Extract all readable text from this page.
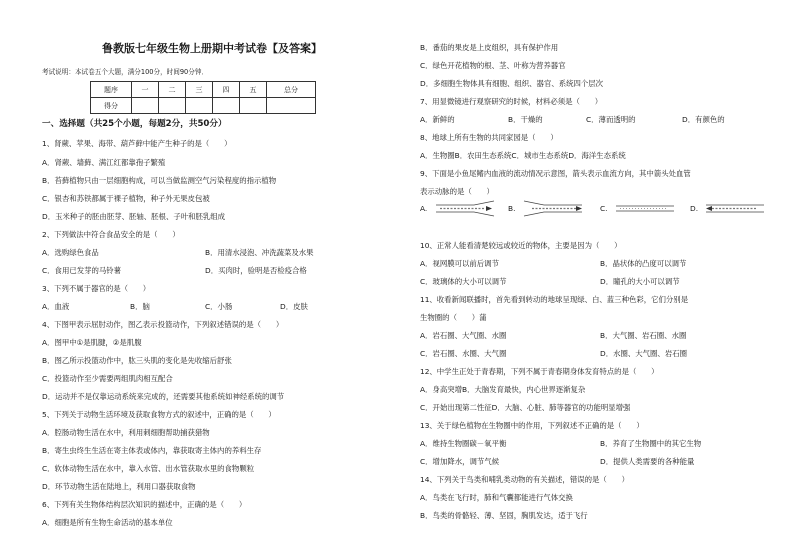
鲁教版七年级生物上册期中考试卷【及答案】
考试说明：本试卷五个大题，满分100分，时间90分钟．
题序	一	二	三	四	五	总分
得分						
一、选择题（共25个小题，每题2分，共50分）
1、肾蕨、苹果、海带、葫芦藓中能产生种子的是（　　）
A．肾蕨、墙藓、满江红都靠孢子繁殖
B．苔藓植物只由一层细胞构成，可以当做监测空气污染程度的指示植物
C．银杏和苏铁都属于裸子植物，种子外无果皮包被
D．玉米种子的胚由胚芽、胚轴、胚根、子叶和胚乳组成
2、下列做法中符合食品安全的是（　　）
A．选购绿色食品	B．用清水浸泡、冲洗蔬菜及水果
C．食用已发芽的马铃薯	D．买肉时，验明是否检疫合格
3、下列不属于器官的是（　　）
A．血液	B．脑	C．小肠	D．皮肤
4、下图甲表示屈肘动作，图乙表示投篮动作，下列叙述错误的是（　　）
A．图甲中①是肌腱，②是肌腹
B．图乙所示投篮动作中，肱三头肌的变化是先收缩后舒张
C．投篮动作至少需要两组肌肉相互配合
D．运动并不是仅靠运动系统来完成的，还需要其他系统如神经系统的调节
5、下列关于动物生活环境及获取食物方式的叙述中，正确的是（　　）
A．腔肠动物生活在水中，利用刺细胞帮助捕获猎物
B．寄生虫终生生活在寄主体表或体内，靠获取寄主体内的养料生存
C．软体动物生活在水中，靠入水管、出水管获取水里的食物颗粒
D．环节动物生活在陆地上，利用口器获取食物
6、下列有关生物体结构层次知识的描述中，正确的是（　　）
A．细胞是所有生物生命活动的基本单位
B．番茄的果皮是上皮组织，具有保护作用
C．绿色开花植物的根、茎、叶称为营养器官
D．多细胞生物体具有细胞、组织、器官、系统四个层次
7、用显微镜进行观察研究的时候，材料必须是（　　）
A．新鲜的	B．干燥的	C．薄而透明的	D．有颜色的
8、地球上所有生物的共同家园是（　　）
A．生物圈B．农田生态系统C．城市生态系统D．海洋生态系统
9、下面是小鱼尾鳍内血液的流动情况示意图，箭头表示血流方向，其中箭头处血管
表示动脉的是（　　）
A.	B.	C.	D.
10、正常人能看清楚较远或较近的物体，主要是因为（　　）
A．视网膜可以前后调节	B．晶状体的凸度可以调节
C．玻璃体的大小可以调节	D．瞳孔的大小可以调节
11、收看新闻联播时，首先看到转动的地球呈现绿、白、蓝三种色彩，它们分别是
生物圈的（　　）蒲
A．岩石圈、大气圈、水圈	B．大气圈、岩石圈、水圈
C．岩石圈、水圈、大气圈	D．水圈、大气圈、岩石圈
12、中学生正处于青春期，下列不属于青春期身体发育特点的是（　　）
A．身高突增B．大脑发育最快，内心世界逐渐复杂
C．开始出现第二性征D．大脑、心脏、肺等器官的功能明显增强
13、关于绿色植物在生物圈中的作用，下列叙述不正确的是（　　）
A．维持生物圈碳－氧平衡	B．养育了生物圈中的其它生物
C．增加降水，调节气候	D．提供人类需要的各种能量
14、下列关于鸟类和哺乳类动物的有关描述，错误的是（　　）
A．鸟类在飞行时，肺和气囊都能进行气体交换
B．鸟类的骨骼轻、薄、坚固，胸肌发达，适于飞行
